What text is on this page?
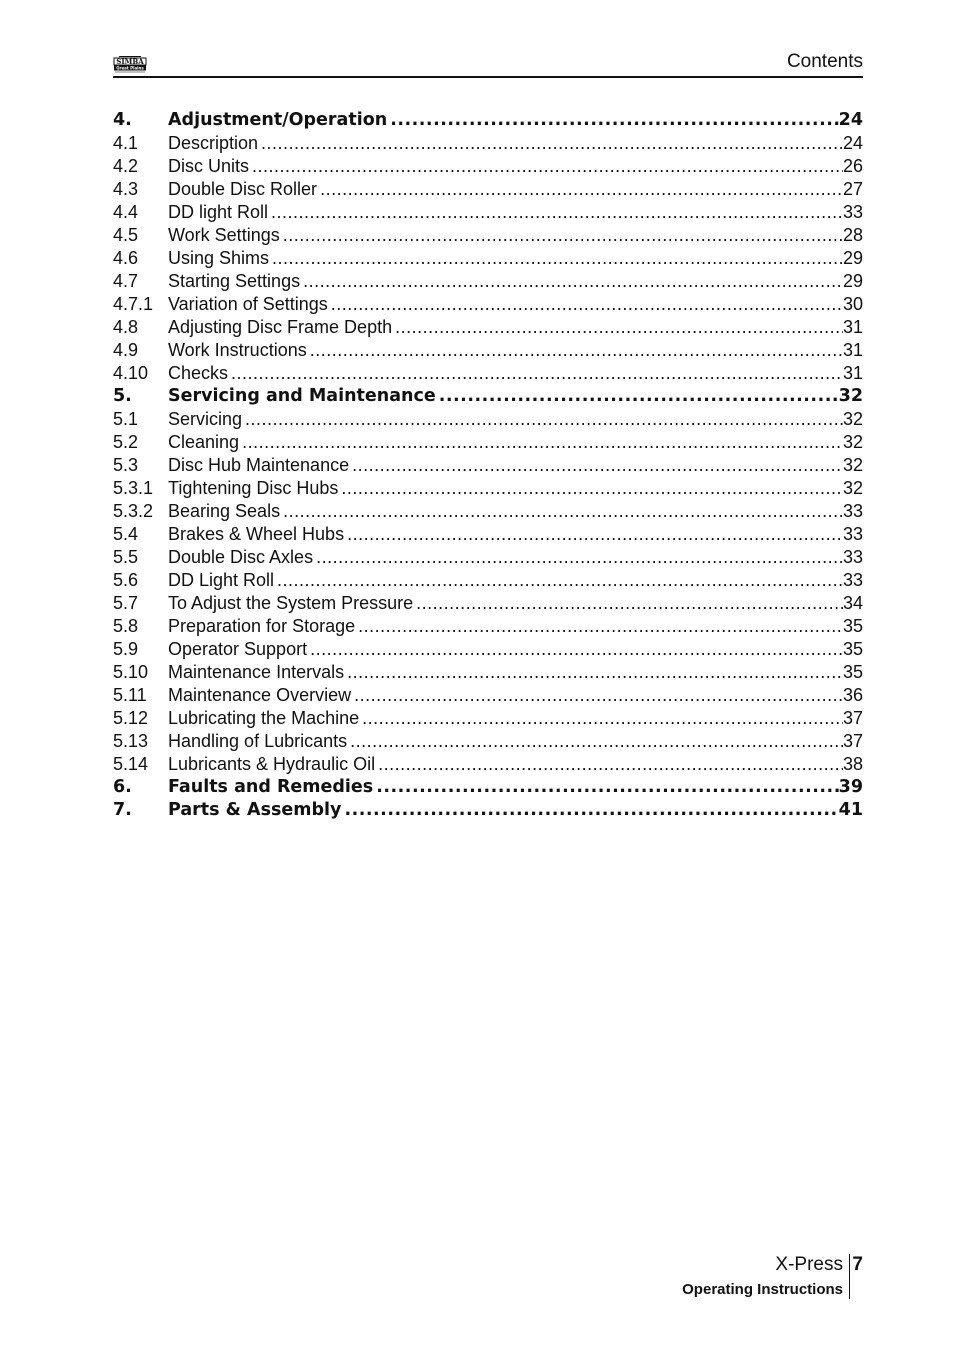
SIMBA
Great Plains	Contents
4.	Adjustment/Operation .....	24
4.1	Description .....	24
4.2	Disc Units .....	26
4.3	Double Disc Roller .....	27
4.4	DD light Roll .....	33
4.5	Work Settings .....	28
4.6	Using Shims .....	29
4.7	Starting Settings .....	29
4.7.1 Variation of Settings .....	30
4.8	Adjusting Disc Frame Depth .....	31
4.9	Work Instructions .....	31
4.10	Checks .....	31
5.	Servicing and Maintenance .....	32
5.1	Servicing .....	32
5.2	Cleaning .....	32
5.3	Disc Hub Maintenance .....	32
5.3.1 Tightening Disc Hubs .....	32
5.3.2 Bearing Seals .....	33
5.4	Brakes & Wheel Hubs .....	33
5.5	Double Disc Axles .....	33
5.6	DD Light Roll .....	33
5.7	To Adjust the System Pressure .....	34
5.8	Preparation for Storage .....	35
5.9	Operator Support .....	35
5.10	Maintenance Intervals .....	35
5.11	Maintenance Overview .....	36
5.12	Lubricating the Machine .....	37
5.13	Handling of Lubricants .....	37
5.14	Lubricants & Hydraulic Oil .....	38
6.	Faults and Remedies .....	39
7.	Parts & Assembly .....	41
X-Press
Operating Instructions
7
